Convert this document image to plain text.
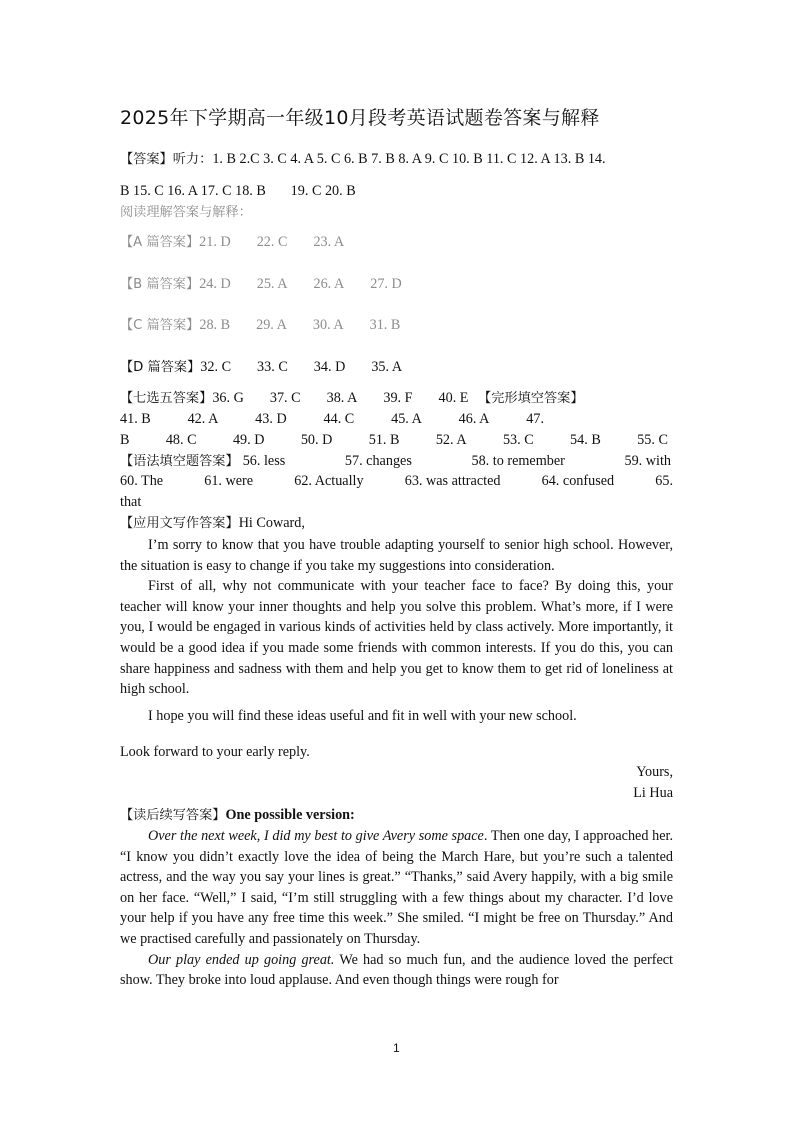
2025年下学期高一年级10月段考英语试题卷答案与解释
【答案】听力：1. B 2.C 3. C 4. A 5. C 6. B 7. B 8. A 9. C 10. B 11. C 12. A 13. B 14.
B 15. C 16. A 17. C 18. B       19. C 20. B
阅读理解答案与解释：
【A 篇答案】21. D 22. C 23. A
【B 篇答案】24. D 25. A 26. A 27. D
【C 篇答案】28. B 29. A 30. A 31. B
【D 篇答案】32. C 33. C 34. D 35. A
【七选五答案】36. G 37. C 38. A 39. F 40. E 【完形填空答案】
41. B	42. A	43. D	44. C	45. A	46. A	47.
B	48. C	49. D	50. D	51. B	52. A	53. C	54. B	55. C
【语法填空题答案】 56. less	57. changes	58. to remember	59. with
60. The	61. were	62. Actually	63. was attracted	64. confused	65.
that
【应用文写作答案】Hi Coward,

I’m sorry to know that you have trouble adapting yourself to senior high school. However, the situation is easy to change if you take my suggestions into consideration.

First of all, why not communicate with your teacher face to face? By doing this, your teacher will know your inner thoughts and help you solve this problem. What’s more, if I were you, I would be engaged in various kinds of activities held by class actively. More importantly, it would be a good idea if you made some friends with common interests. If you do this, you can share happiness and sadness with them and help you get to know them to get rid of loneliness at high school.

I hope you will find these ideas useful and fit in well with your new school.
Look forward to your early reply.
Yours,
Li Hua
【读后续写答案】One possible version:

Over the next week, I did my best to give Avery some space. Then one day, I approached her. “I know you didn’t exactly love the idea of being the March Hare, but you’re such a talented actress, and the way you say your lines is great.” “Thanks,” said Avery happily, with a big smile on her face. “Well,” I said, “I’m still struggling with a few things about my character. I’d love your help if you have any free time this week.” She smiled. “I might be free on Thursday.” And we practised carefully and passionately on Thursday.

Our play ended up going great. We had so much fun, and the audience loved the perfect show. They broke into loud applause. And even though things were rough for

1
